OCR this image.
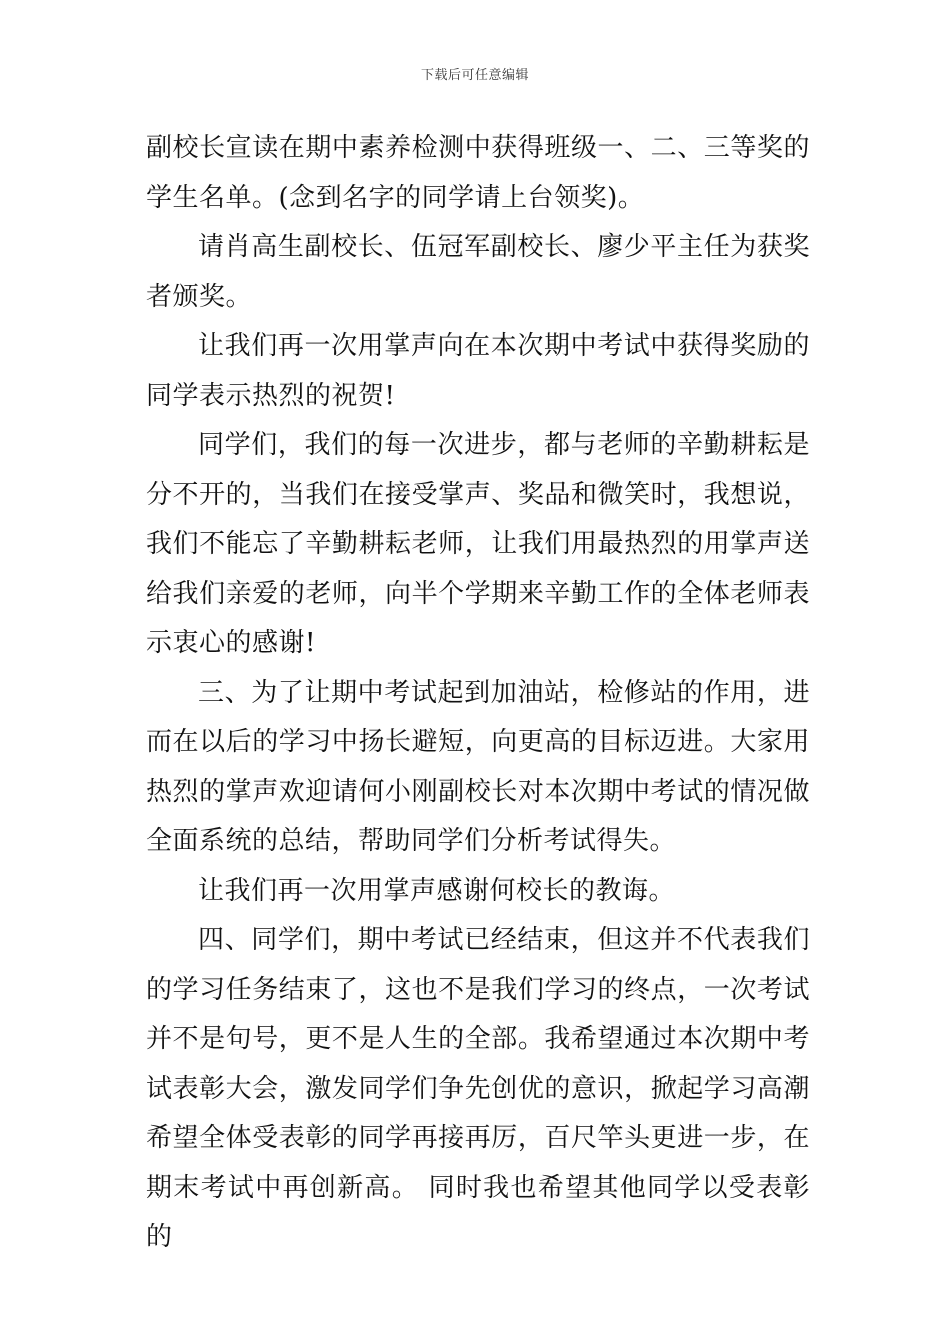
下载后可任意编辑

副校长宣读在期中素养检测中获得班级一、二、三等奖的学生名单。(念到名字的同学请上台领奖)。

请肖高生副校长、伍冠军副校长、廖少平主任为获奖者颁奖。

让我们再一次用掌声向在本次期中考试中获得奖励的同学表示热烈的祝贺!

同学们，我们的每一次进步，都与老师的辛勤耕耘是分不开的，当我们在接受掌声、奖品和微笑时，我想说，我们不能忘了辛勤耕耘老师，让我们用最热烈的用掌声送给我们亲爱的老师，向半个学期来辛勤工作的全体老师表示衷心的感谢!

三、为了让期中考试起到加油站，检修站的作用，进而在以后的学习中扬长避短，向更高的目标迈进。大家用热烈的掌声欢迎请何小刚副校长对本次期中考试的情况做全面系统的总结，帮助同学们分析考试得失。

让我们再一次用掌声感谢何校长的教诲。

四、同学们，期中考试已经结束，但这并不代表我们的学习任务结束了，这也不是我们学习的终点，一次考试并不是句号，更不是人生的全部。我希望通过本次期中考试表彰大会，激发同学们争先创优的意识，掀起学习高潮希望全体受表彰的同学再接再厉，百尺竿头更进一步，在期末考试中再创新高。 同时我也希望其他同学以受表彰的
